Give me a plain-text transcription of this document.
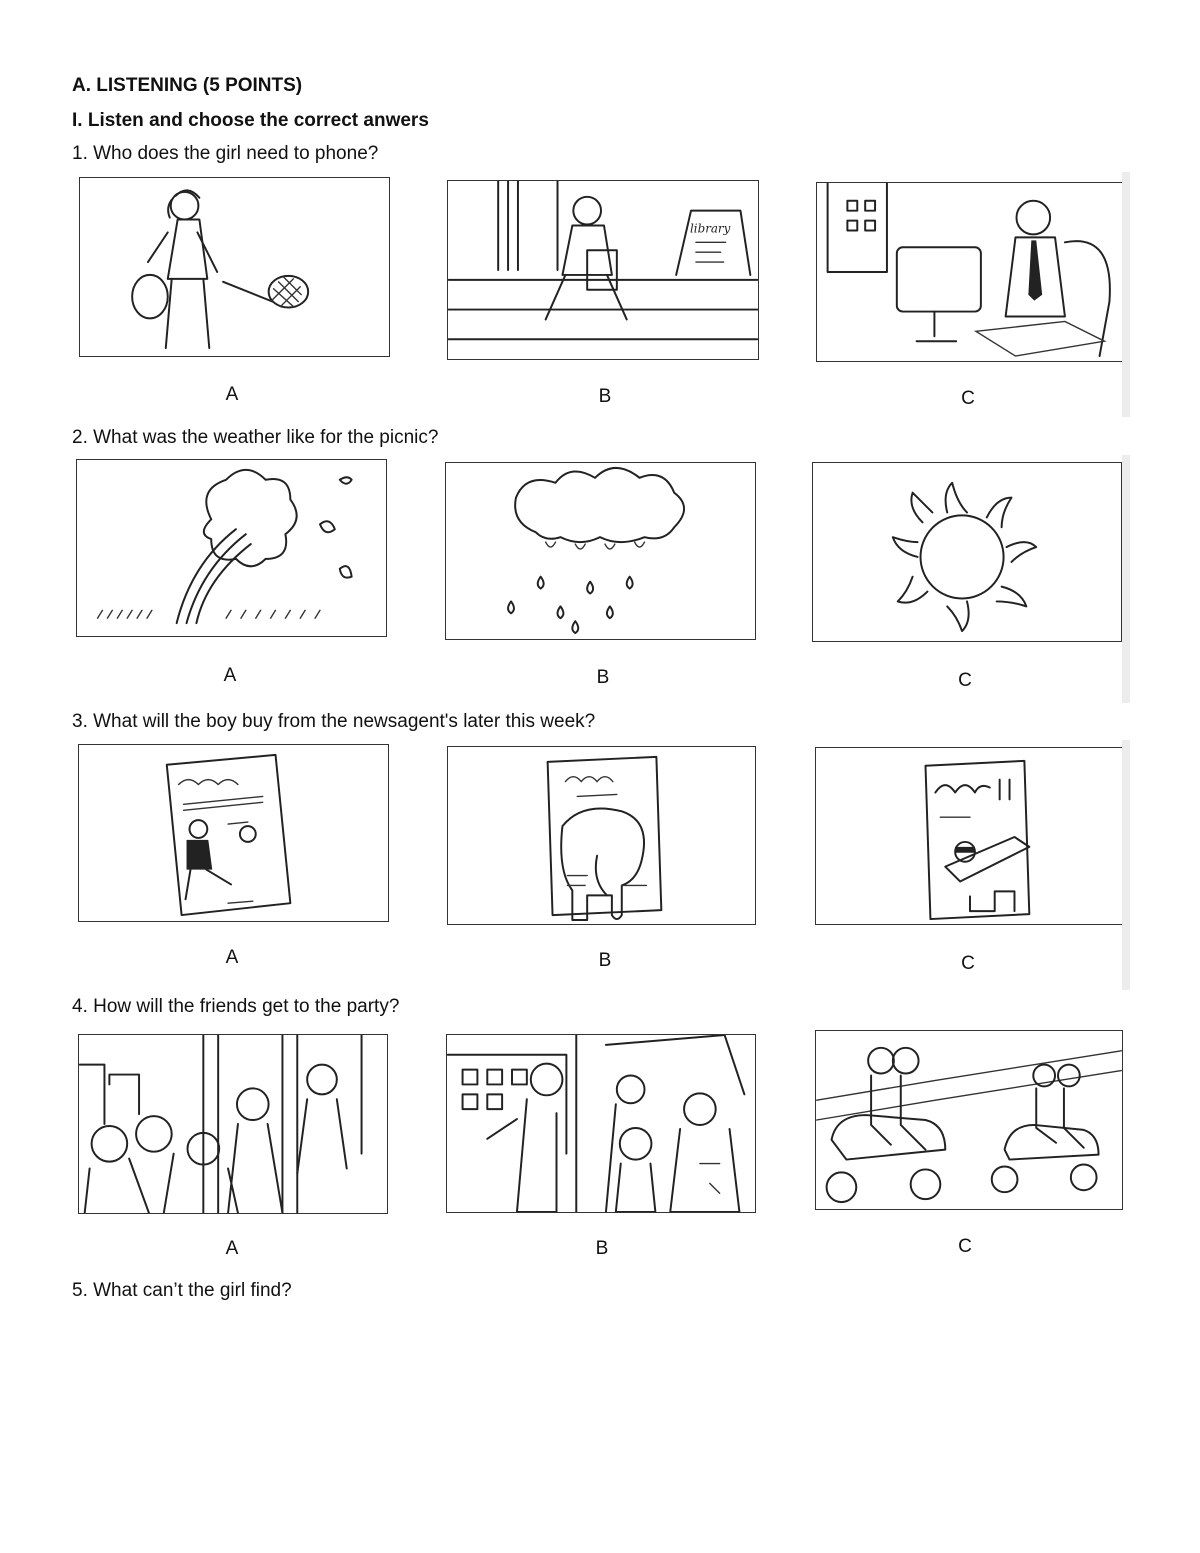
A. LISTENING (5 POINTS)
I. Listen and choose the correct anwers
1. Who does the girl need to phone?
library
A	B	C
2. What was the weather like for the picnic?
A	B	C
3. What will the boy buy from the newsagent's later this week?
A	B	C
4. How will the friends get to the party?
A	B	C
5. What can’t the girl find?
